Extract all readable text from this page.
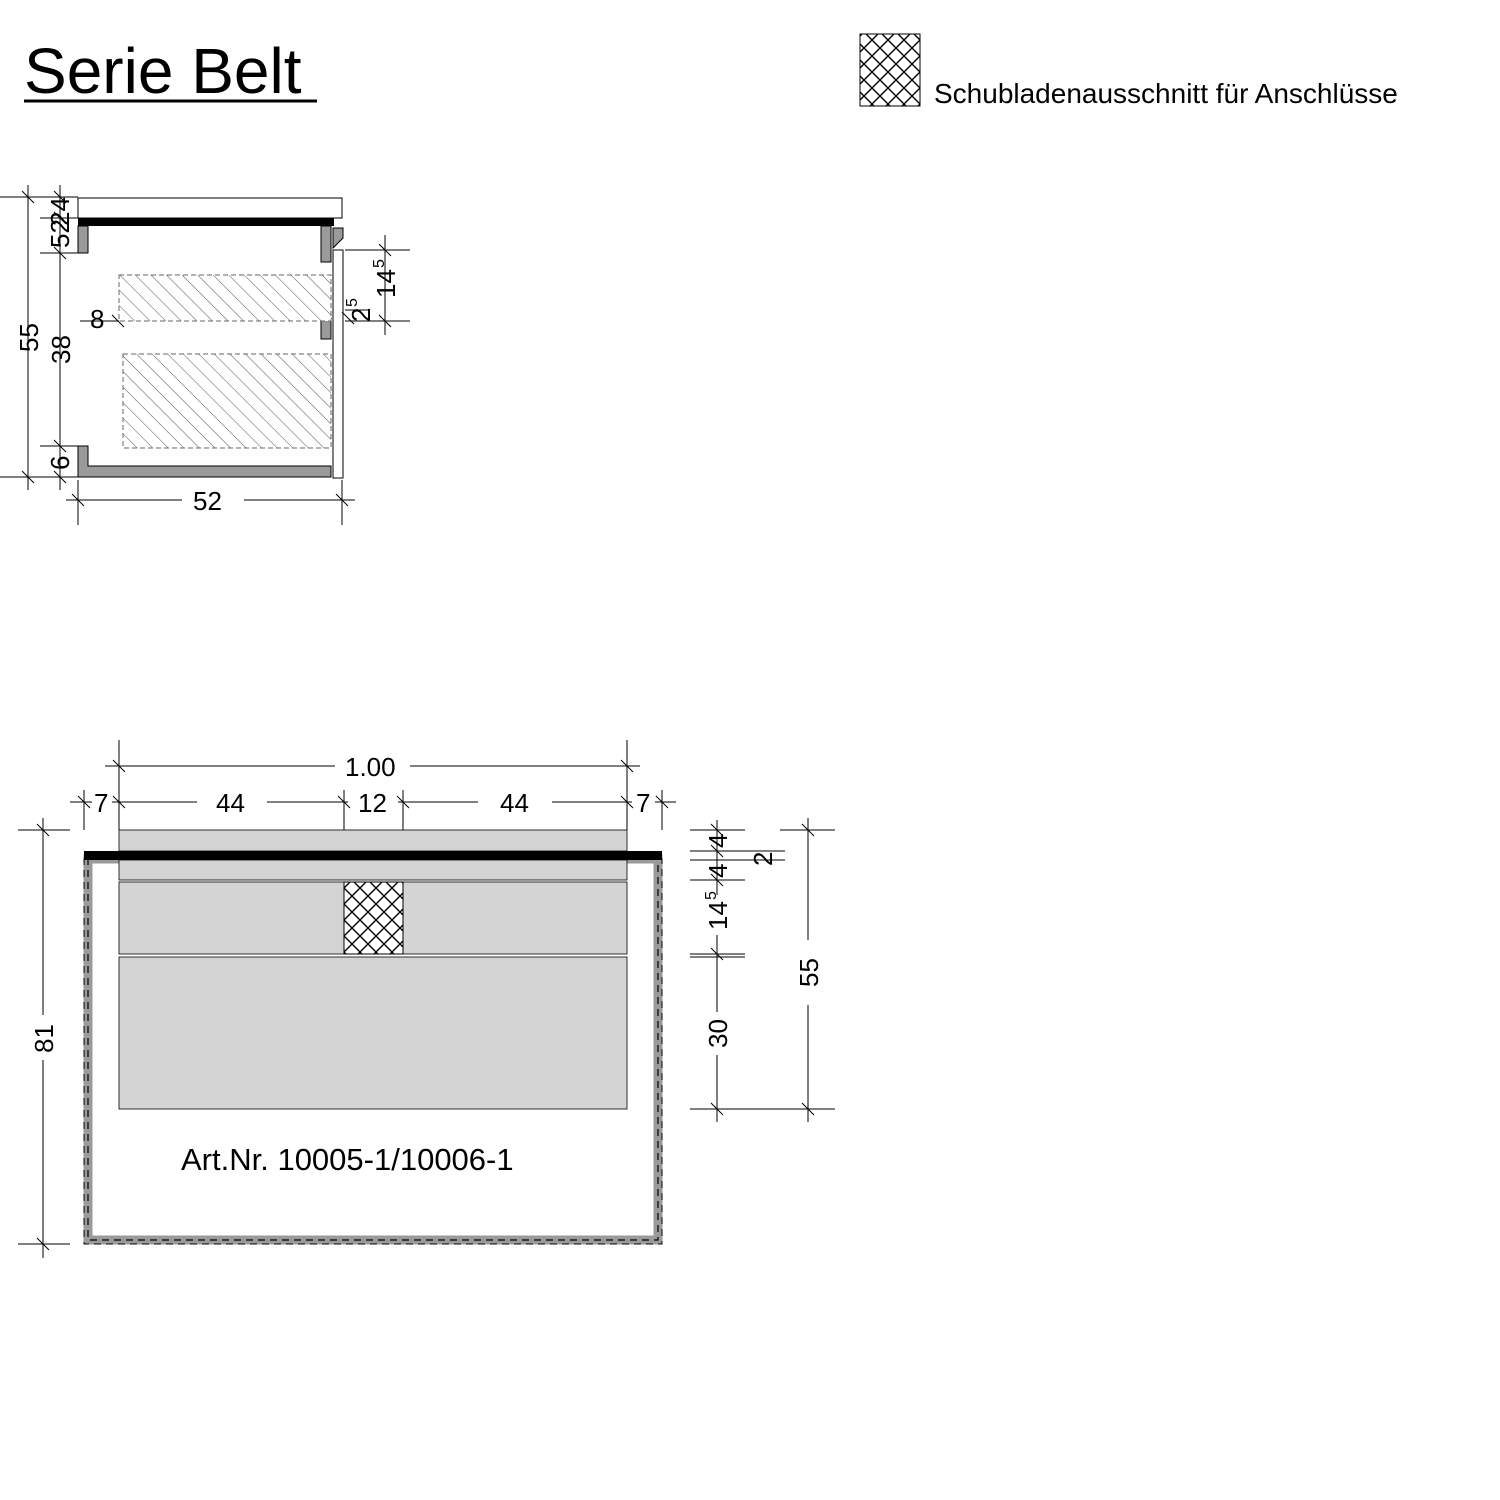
Serie Belt	Schubladenausschnitt für Anschlüsse
24
52
55 38
8
6
52
14
5
2
5
Art.Nr. 10005-1/10006-1
1.00
7	44	12	44	7
81
4
4
2
14
5
30
55
